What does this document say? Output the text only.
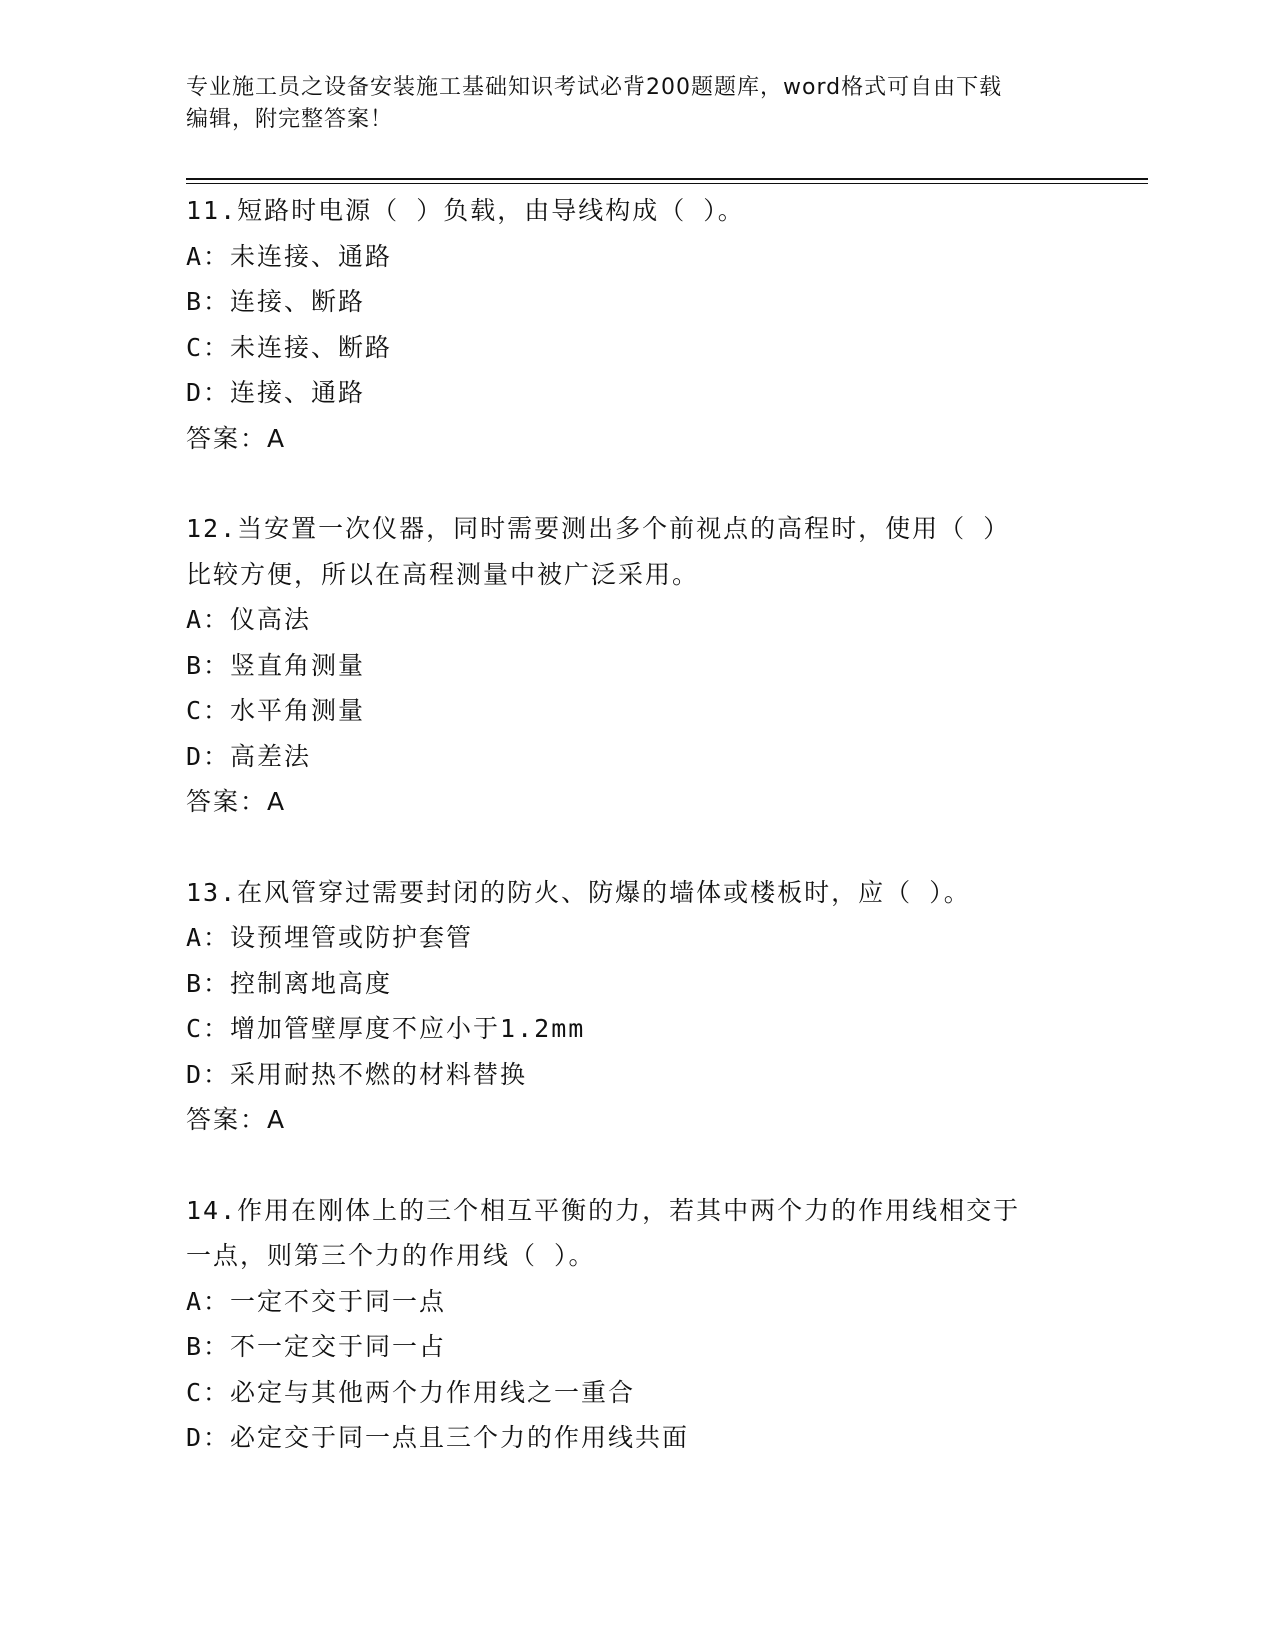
专业施工员之设备安装施工基础知识考试必背200题题库，word格式可自由下载
编辑，附完整答案！
11.短路时电源（ ）负载，由导线构成（ ）。
A：未连接、通路
B：连接、断路
C：未连接、断路
D：连接、通路
答案：A
12.当安置一次仪器，同时需要测出多个前视点的高程时，使用（ ）比较方便，所以在高程测量中被广泛采用。
A：仪高法
B：竖直角测量
C：水平角测量
D：高差法
答案：A
13.在风管穿过需要封闭的防火、防爆的墙体或楼板时，应（ ）。
A：设预埋管或防护套管
B：控制离地高度
C：增加管壁厚度不应小于1.2mm
D：采用耐热不燃的材料替换
答案：A
14.作用在刚体上的三个相互平衡的力，若其中两个力的作用线相交于一点，则第三个力的作用线（ ）。
A：一定不交于同一点
B：不一定交于同一占
C：必定与其他两个力作用线之一重合
D：必定交于同一点且三个力的作用线共面
